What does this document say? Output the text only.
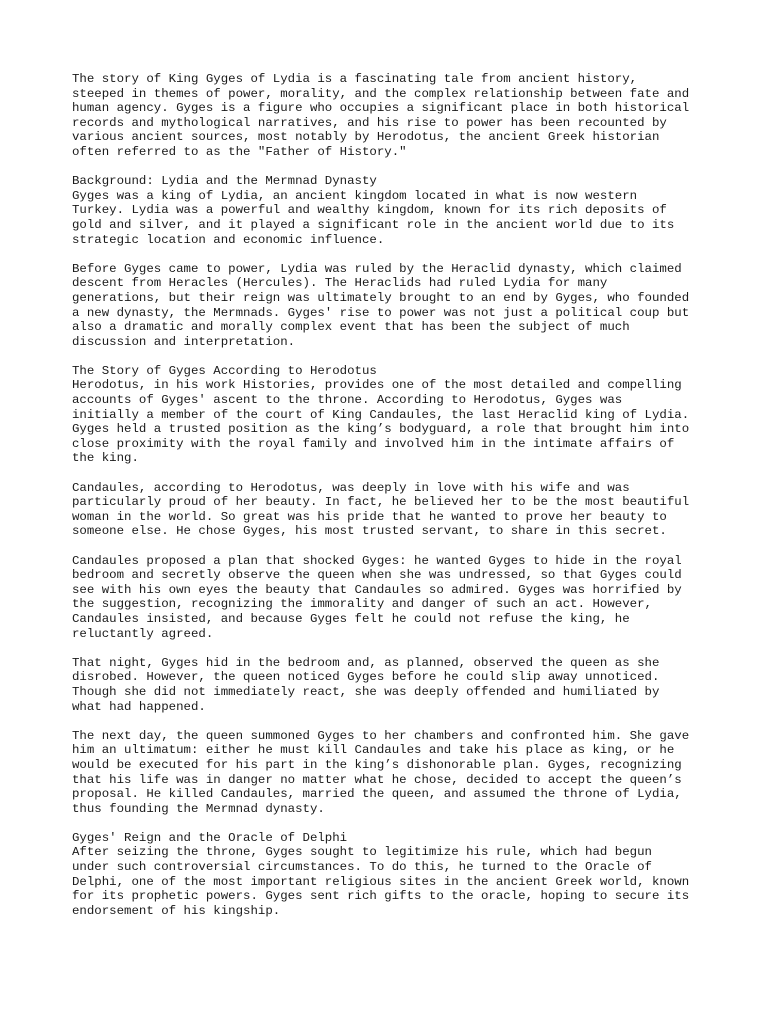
The story of King Gyges of Lydia is a fascinating tale from ancient history,
steeped in themes of power, morality, and the complex relationship between fate and
human agency. Gyges is a figure who occupies a significant place in both historical
records and mythological narratives, and his rise to power has been recounted by
various ancient sources, most notably by Herodotus, the ancient Greek historian
often referred to as the "Father of History."
Background: Lydia and the Mermnad Dynasty
Gyges was a king of Lydia, an ancient kingdom located in what is now western
Turkey. Lydia was a powerful and wealthy kingdom, known for its rich deposits of
gold and silver, and it played a significant role in the ancient world due to its
strategic location and economic influence.
Before Gyges came to power, Lydia was ruled by the Heraclid dynasty, which claimed
descent from Heracles (Hercules). The Heraclids had ruled Lydia for many
generations, but their reign was ultimately brought to an end by Gyges, who founded
a new dynasty, the Mermnads. Gyges' rise to power was not just a political coup but
also a dramatic and morally complex event that has been the subject of much
discussion and interpretation.
The Story of Gyges According to Herodotus
Herodotus, in his work Histories, provides one of the most detailed and compelling
accounts of Gyges' ascent to the throne. According to Herodotus, Gyges was
initially a member of the court of King Candaules, the last Heraclid king of Lydia.
Gyges held a trusted position as the king’s bodyguard, a role that brought him into
close proximity with the royal family and involved him in the intimate affairs of
the king.
Candaules, according to Herodotus, was deeply in love with his wife and was
particularly proud of her beauty. In fact, he believed her to be the most beautiful
woman in the world. So great was his pride that he wanted to prove her beauty to
someone else. He chose Gyges, his most trusted servant, to share in this secret.
Candaules proposed a plan that shocked Gyges: he wanted Gyges to hide in the royal
bedroom and secretly observe the queen when she was undressed, so that Gyges could
see with his own eyes the beauty that Candaules so admired. Gyges was horrified by
the suggestion, recognizing the immorality and danger of such an act. However,
Candaules insisted, and because Gyges felt he could not refuse the king, he
reluctantly agreed.
That night, Gyges hid in the bedroom and, as planned, observed the queen as she
disrobed. However, the queen noticed Gyges before he could slip away unnoticed.
Though she did not immediately react, she was deeply offended and humiliated by
what had happened.
The next day, the queen summoned Gyges to her chambers and confronted him. She gave
him an ultimatum: either he must kill Candaules and take his place as king, or he
would be executed for his part in the king’s dishonorable plan. Gyges, recognizing
that his life was in danger no matter what he chose, decided to accept the queen’s
proposal. He killed Candaules, married the queen, and assumed the throne of Lydia,
thus founding the Mermnad dynasty.
Gyges' Reign and the Oracle of Delphi
After seizing the throne, Gyges sought to legitimize his rule, which had begun
under such controversial circumstances. To do this, he turned to the Oracle of
Delphi, one of the most important religious sites in the ancient Greek world, known
for its prophetic powers. Gyges sent rich gifts to the oracle, hoping to secure its
endorsement of his kingship.
